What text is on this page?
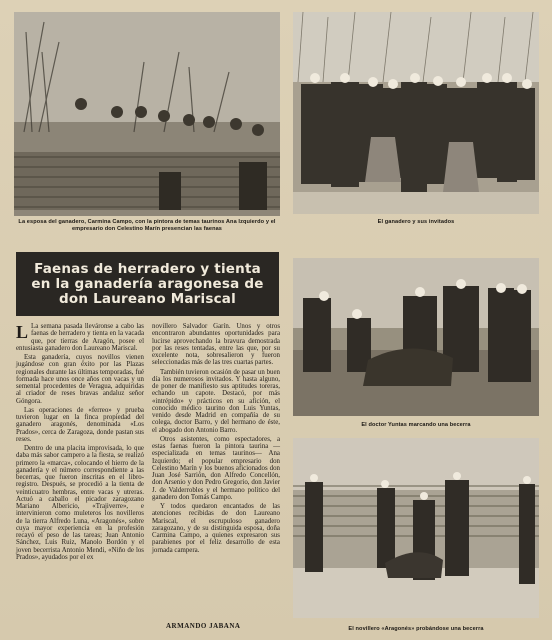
La esposa del ganadero, Carmina Campo, con la pintora de temas taurinos Ana Izquierdo y el empresario don Celestino Marín presencian las faenas
El ganadero y sus invitados
Faenas de herradero y tienta en la ganadería aragonesa de don Laureano Mariscal
El doctor Yuntas marcando una becerra
El novillero «Aragonés» probándose una becerra

L La semana pasada lleváronse a cabo las faenas de herradero y tienta en la vacada que, por tierras de Aragón, posee el entusiasta ganadero don Laureano Mariscal.

Esta ganadería, cuyos novillos vienen jugándose con gran éxito por las Plazas regionales durante las últimas temporadas, fué formada hace unos once años con vacas y un semental procedentes de Veragua, adquiridas al criador de reses bravas andaluz señor Góngora.

Las operaciones de «ferreo» y prueba tuvieron lugar en la finca propiedad del ganadero aragonés, denominada «Los Prados», cerca de Zaragoza, donde pastan sus reses.

Dentro de una placita improvisada, lo que daba más sabor campero a la fiesta, se realizó primero la «marca», colocando el hierro de la ganadería y el número correspondiente a las becerras, que fueron inscritas en el libro-registro. Después, se procedió a la tienta de veinticuatro hembras, entre vacas y utreras. Actuó a caballo el picador zaragozano Mariano Albericio, «Trajiverre», e intervinieron como muleteros los novilleros de la tierra Alfredo Luna, «Aragonés», sobre cuya mayor experiencia en la profesión recayó el peso de las tareas; Juan Antonio Sánchez, Luis Ruiz, Manolo Bordón y el joven becerrista Antonio Mendi, «Niño de los Prados», ayudados por el ex

novillero Salvador Garín. Unos y otros encontraron abundantes oportunidades para lucirse aprovechando la bravura demostrada por las reses tentadas, entre las que, por su excelente nota, sobresalieron y fueron seleccionadas más de las tres cuartas partes.

También tuvieron ocasión de pasar un buen día los numerosos invitados. Y hasta alguno, de poner de manifiesto sus aptitudes toreras, echando un capote. Destacó, por más «intrépido» y prácticos en su afición, el conocido médico taurino don Luis Yuntas, venido desde Madrid en compañía de su colega, doctor Barro, y del hermano de éste, el abogado don Antonio Barro.

Otros asistentes, como espectadores, a estas faenas fueron la pintora taurina —especializada en temas taurinos— Ana Izquierdo; el popular empresario don Celestino Marín y los buenos aficionados don Juan José Sarrión, don Alfredo Concellón, don Arsenio y don Pedro Gregorio, don Javier J. de Valderrobles y el hermano político del ganadero don Tomás Campo.

Y todos quedaron encantados de las atenciones recibidas de don Laureano Mariscal, el escrupuloso ganadero zaragozano, y de su distinguida esposa, doña Carmina Campo, a quienes expresaron sus parabienes por el feliz desarrollo de esta jornada campera.

ARMANDO JABANA
